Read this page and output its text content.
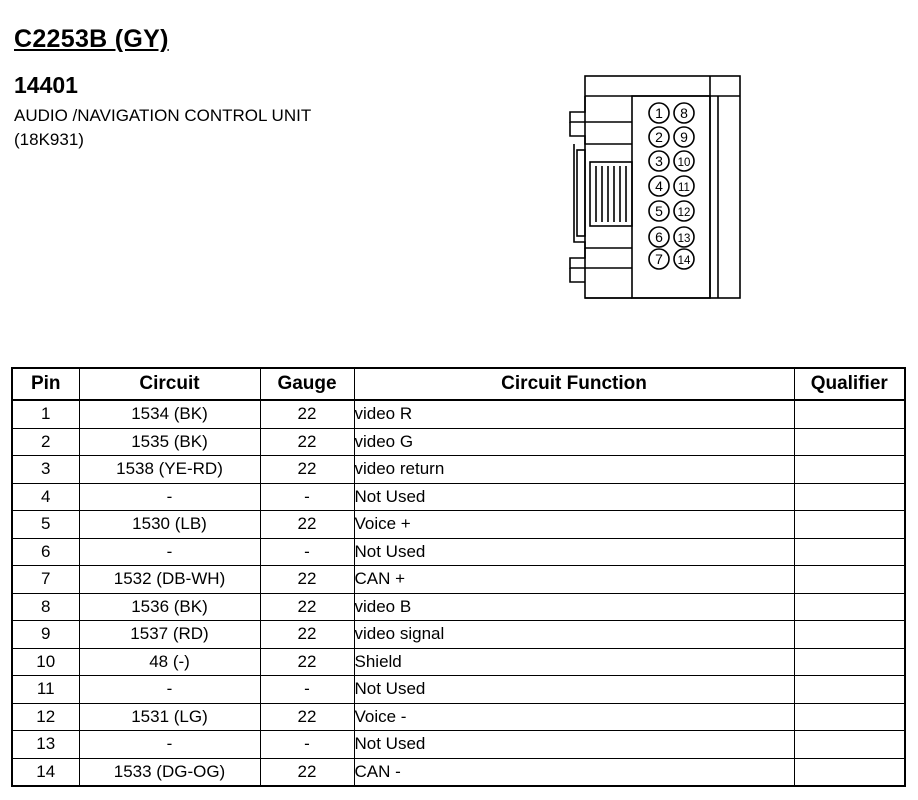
C2253B (GY)
14401
AUDIO /NAVIGATION CONTROL UNIT
(18K931)
1
2
3
4
5
6
7
8
9
10
11
12
13
14
Pin	Circuit	Gauge	Circuit Function	Qualifier
1	1534 (BK)	22	video R	
2	1535 (BK)	22	video G	
3	1538 (YE-RD)	22	video return	
4	-	-	Not Used	
5	1530 (LB)	22	Voice +	
6	-	-	Not Used	
7	1532 (DB-WH)	22	CAN +	
8	1536 (BK)	22	video B	
9	1537 (RD)	22	video signal	
10	48 (-)	22	Shield	
11	-	-	Not Used	
12	1531 (LG)	22	Voice -	
13	-	-	Not Used	
14	1533 (DG-OG)	22	CAN -	
